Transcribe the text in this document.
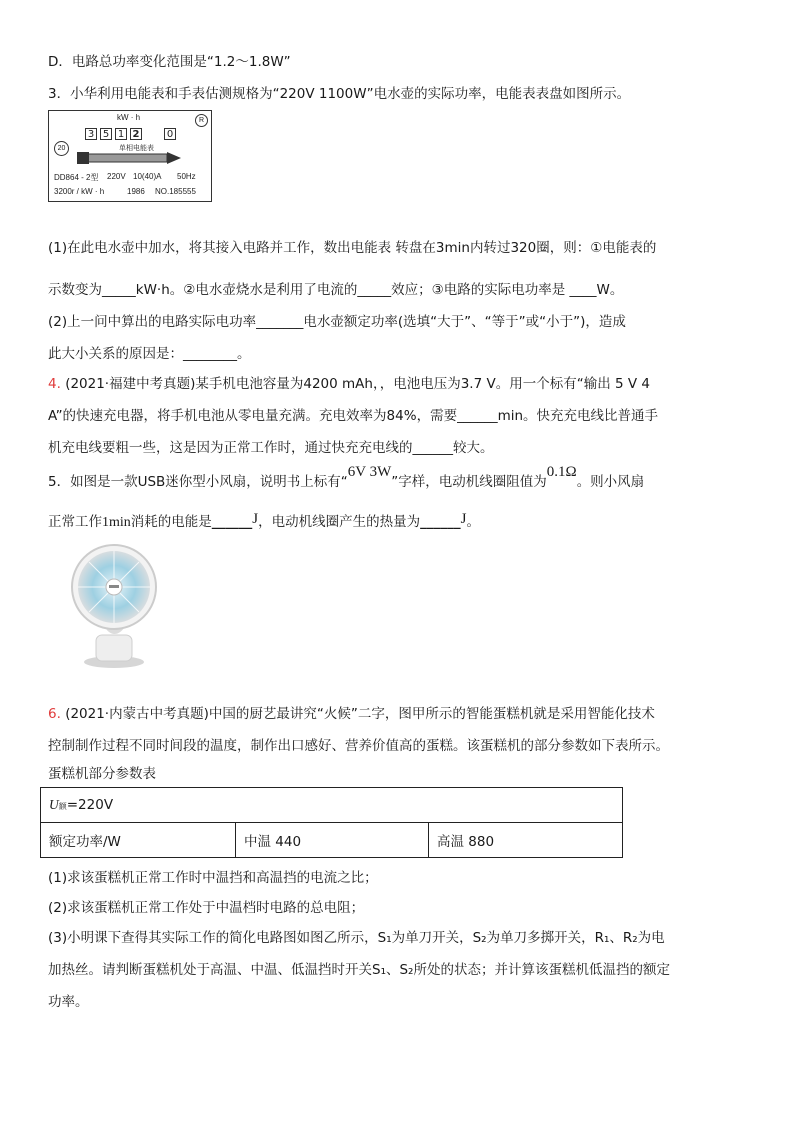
D．电路总功率变化范围是“1.2～1.8W”
3．小华利用电能表和手表估测规格为“220V 1100W”电水壶的实际功率，电能表表盘如图所示。
kW · h	R
3 5 1 2	0
20	单相电能表
DD864 - 2型 220V 10(40)A 50Hz
3200r / kW · h	1986 NO.185555
(1)在此电水壶中加水，将其接入电路并工作，数出电能表 转盘在3min内转过320圈，则：①电能表的
示数变为_____kW·h。②电水壶烧水是利用了电流的_____效应；③电路的实际电功率是 ____W。
(2)上一问中算出的电路实际电功率_______电水壶额定功率(选填“大于”、“等于”或“小于”)，造成
此大小关系的原因是：________。
4. (2021·福建中考真题)某手机电池容量为4200 mAh，，电池电压为3.7 V。用一个标有“输出 5 V 4
A”的快速充电器，将手机电池从零电量充满。充电效率为84%，需要______min。快充充电线比普通手
机充电线要粗一些，这是因为正常工作时，通过快充充电线的______较大。
5．如图是一款USB迷你型小风扇，说明书上标有“6V 3W”字样，电动机线圈阻值为0.1Ω。则小风扇
正常工作1min消耗的电能是______J，电动机线圈产生的热量为______J。
6. (2021·内蒙古中考真题)中国的厨艺最讲究“火候”二字，图甲所示的智能蛋糕机就是采用智能化技术
控制制作过程不同时间段的温度，制作出口感好、营养价值高的蛋糕。该蛋糕机的部分参数如下表所示。
蛋糕机部分参数表
U额=220V
额定功率/W	中温 440	高温 880
(1)求该蛋糕机正常工作时中温挡和高温挡的电流之比；
(2)求该蛋糕机正常工作处于中温档时电路的总电阻；
(3)小明课下查得其实际工作的简化电路图如图乙所示，S₁为单刀开关，S₂为单刀多掷开关，R₁、R₂为电
加热丝。请判断蛋糕机处于高温、中温、低温挡时开关S₁、S₂所处的状态；并计算该蛋糕机低温挡的额定
功率。
